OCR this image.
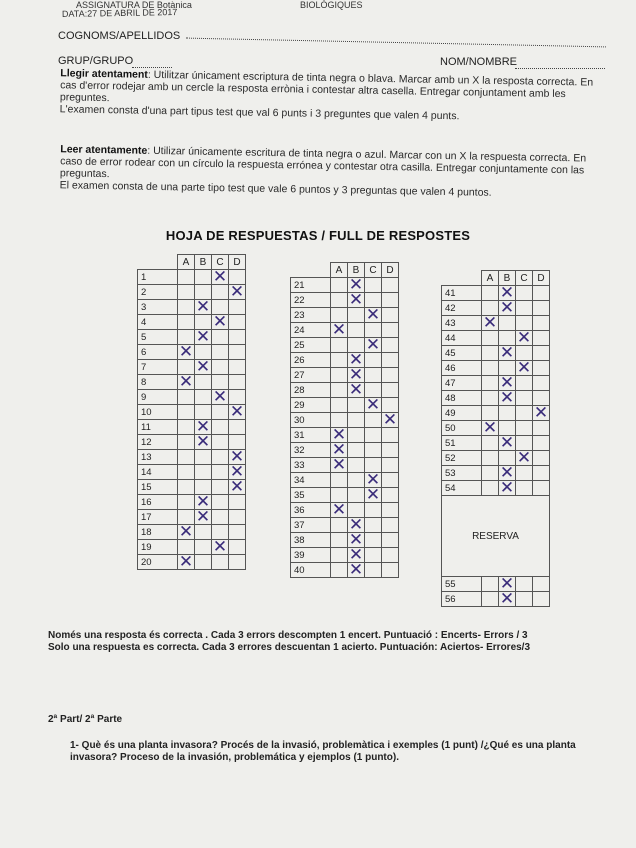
ASSIGNATURA DE Botànica	BIOLÒGIQUES
DATA:27 DE ABRIL DE 2017
COGNOMS/APELLIDOS
GRUP/GRUPO	NOM/NOMBRE
Llegir atentament: Utilitzar únicament escriptura de tinta negra o blava. Marcar amb un X la resposta correcta. En cas d'error rodejar amb un cercle la resposta errònia i contestar altra casella. Entregar conjuntament amb les preguntes.
L'examen consta d'una part tipus test que val 6 punts i 3 preguntes que valen 4 punts.
Leer atentamente: Utilizar únicamente escritura de tinta negra o azul. Marcar con un X la respuesta correcta. En caso de error rodear con un círculo la respuesta errónea y contestar otra casilla. Entregar conjuntamente con las preguntas.
El examen consta de una parte tipo test que vale 6 puntos y 3 preguntas que valen 4 puntos.
HOJA DE RESPUESTAS / FULL DE RESPOSTES
	A	B	C	D
1			✕	
2				✕
3		✕		
4			✕	
5		✕		
6	✕			
7		✕		
8	✕			
9			✕	
10				✕
11		✕		
12		✕		
13				✕
14				✕
15				✕
16		✕		
17		✕		
18	✕			
19			✕	
20	✕			
	A	B	C	D
21		✕		
22		✕		
23			✕	
24	✕			
25			✕	
26		✕		
27		✕		
28		✕		
29			✕	
30				✕
31	✕			
32	✕			
33	✕			
34			✕	
35			✕	
36	✕			
37		✕		
38		✕		
39		✕		
40		✕		
	A	B	C	D
41		✕		
42		✕		
43	✕			
44			✕	
45		✕		
46			✕	
47		✕		
48		✕		
49				✕
50	✕			
51		✕		
52			✕	
53		✕		
54		✕		
RESERVA				
55		✕		
56		✕		
Només una resposta és correcta . Cada 3 errors descompten 1 encert. Puntuació : Encerts- Errors / 3
Solo una respuesta es correcta. Cada 3 errores descuentan 1 acierto. Puntuación: Aciertos- Errores/3
2ª Part/ 2ª Parte
1- Què és una planta invasora? Procés de la invasió, problemàtica i exemples (1 punt) /¿Qué es una planta invasora? Proceso de la invasión, problemática y ejemplos (1 punto).
